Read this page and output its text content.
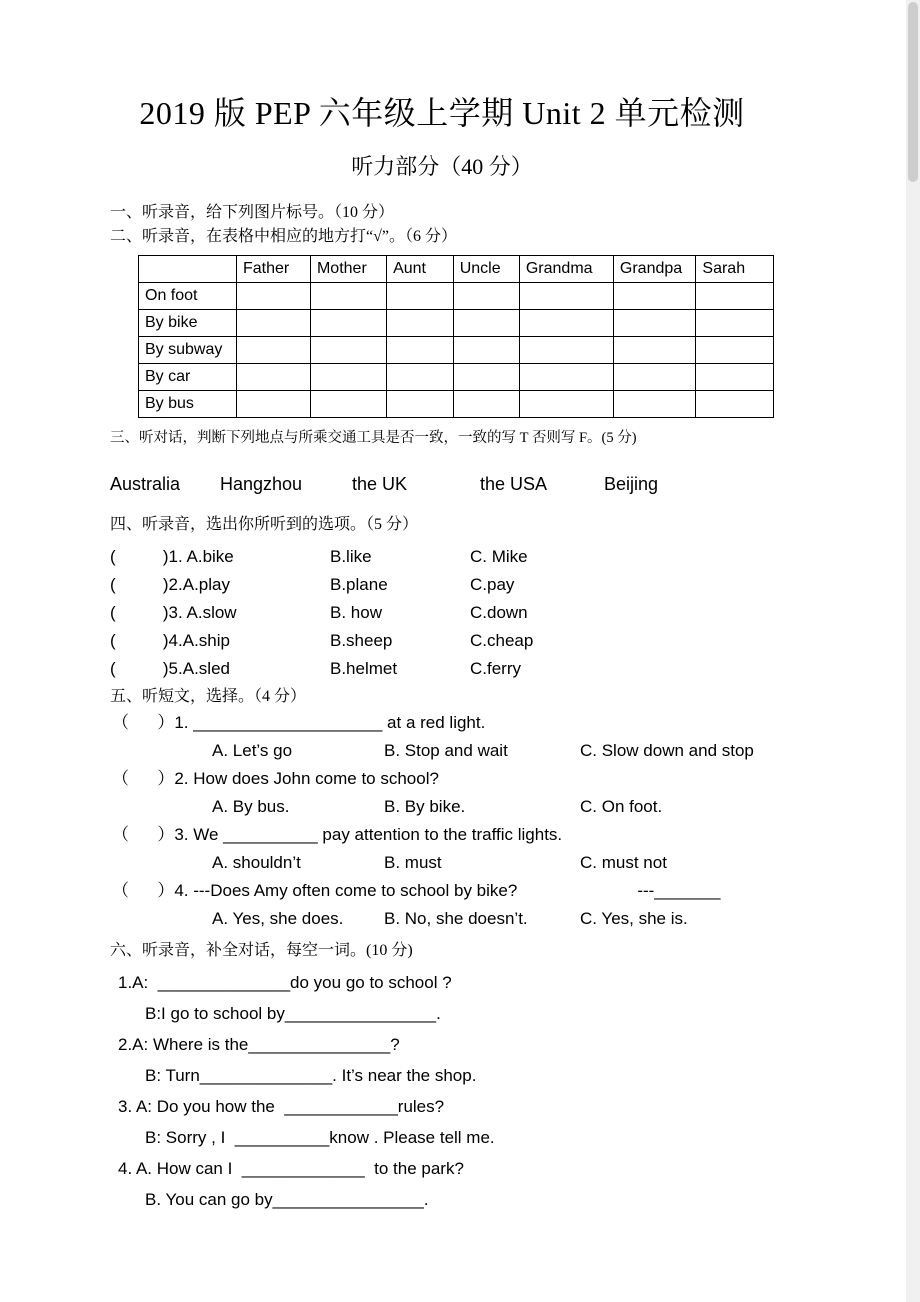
2019 版 PEP 六年级上学期 Unit 2 单元检测
听力部分（40 分）

一、听录音，给下列图片标号。（10 分）

二、听录音，在表格中相应的地方打“√”。（6 分）

	Father	Mother	Aunt	Uncle	Grandma	Grandpa	Sarah
On foot							
By bike							
By subway							
By car							
By bus							

三、听对话，判断下列地点与所乘交通工具是否一致，一致的写 T 否则写 F。(5 分)

Australia	Hangzhou	the UK	the USA	Beijing

四、听录音，选出你所听到的选项。（5 分）

(          )1. A.bike	B.like	C. Mike
(          )2.A.play	B.plane	C.pay
(          )3. A.slow	B. how	C.down
(          )4.A.ship	B.sheep	C.cheap
(          )5.A.sled	B.helmet	C.ferry

五、听短文，选择。（4 分）

（      ）1. ____________________ at a red light.
A. Let’s go	B. Stop and wait	C. Slow down and stop
（      ）2. How does John come to school?
A. By bus.	B. By bike.	C. On foot.
（      ）3. We __________ pay attention to the traffic lights.
A. shouldn’t	B. must	C. must not
（      ）4. ---Does Amy often come to school by bike?	---_______
A. Yes, she does.	B. No, she doesn’t.	C. Yes, she is.

六、听录音，补全对话，每空一词。(10 分)

1.A:  ______________do you go to school ?
B:I go to school by________________.
2.A: Where is the_______________?
B: Turn______________. It’s near the shop.
3. A: Do you how the  ____________rules?
B: Sorry , I  __________know . Please tell me.
4. A. How can I  _____________  to the park?
B. You can go by________________.
